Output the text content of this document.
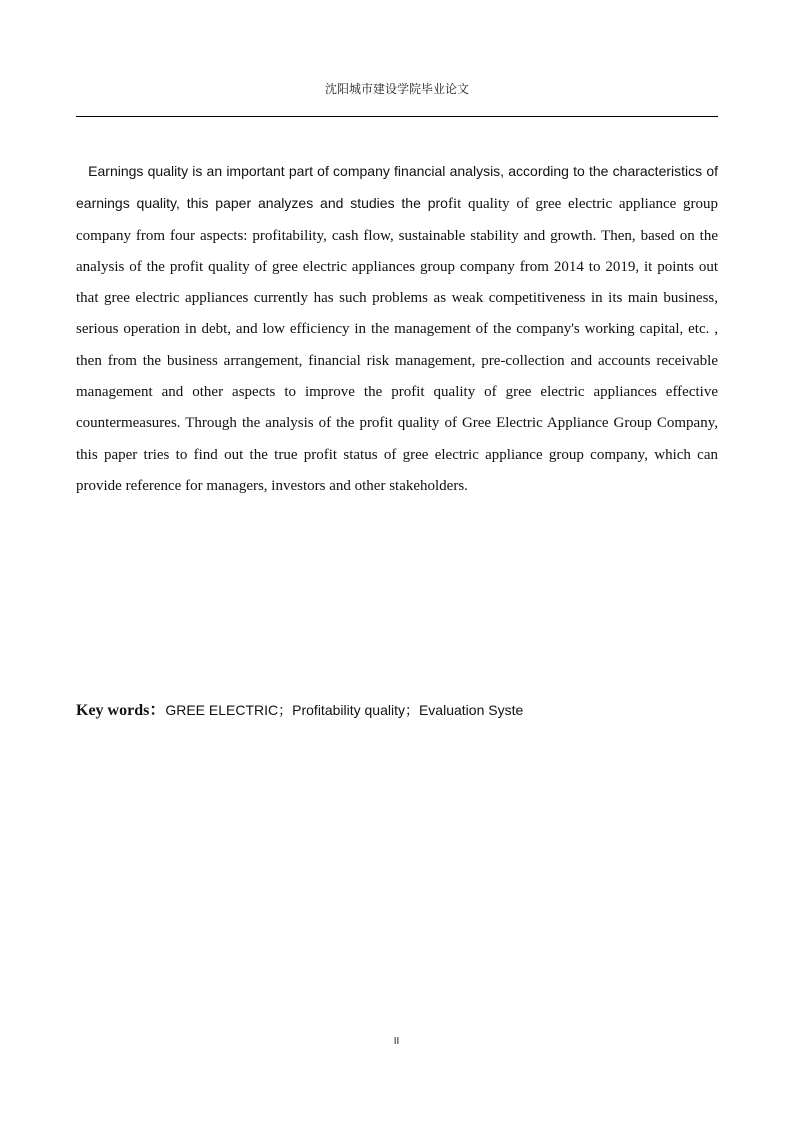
沈阳城市建设学院毕业论文

Earnings quality is an important part of company financial analysis, according to the characteristics of earnings quality, this paper analyzes and studies the profit quality of gree electric appliance group company from four aspects: profitability, cash flow, sustainable stability and growth. Then, based on the analysis of the profit quality of gree electric appliances group company from 2014 to 2019, it points out that gree electric appliances currently has such problems as weak competitiveness in its main business, serious operation in debt, and low efficiency in the management of the company's working capital, etc. , then from the business arrangement, financial risk management, pre-collection and accounts receivable management and other aspects to improve the profit quality of gree electric appliances effective countermeasures. Through the analysis of the profit quality of Gree Electric Appliance Group Company, this paper tries to find out the true profit status of gree electric appliance group company, which can provide reference for managers, investors and other stakeholders.

Key words：GREE ELECTRIC；Profitability quality；Evaluation Syste
II
